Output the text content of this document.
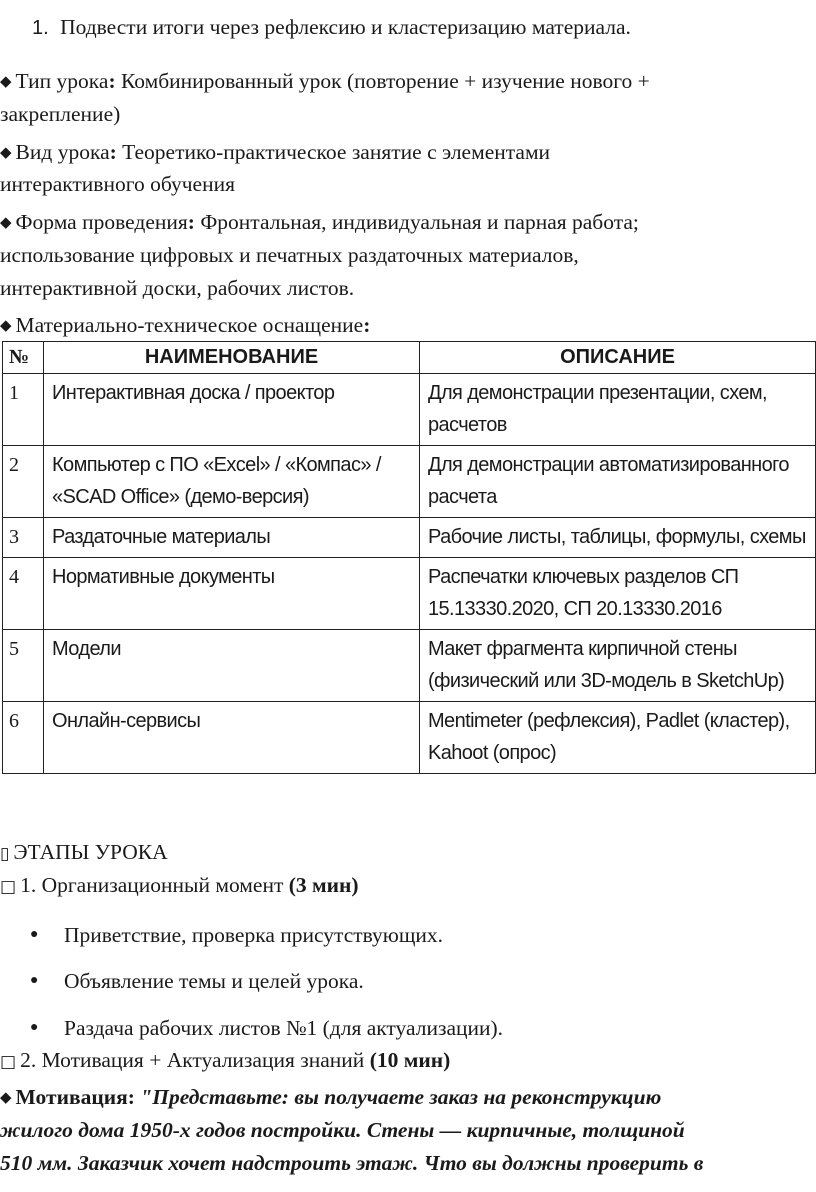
1. Подвести итоги через рефлексию и кластеризацию материала.
◆ Тип урока: Комбинированный урок (повторение + изучение нового +
закрепление)
◆ Вид урока: Теоретико-практическое занятие с элементами
интерактивного обучения
◆ Форма проведения: Фронтальная, индивидуальная и парная работа;
использование цифровых и печатных раздаточных материалов,
интерактивной доски, рабочих листов.
◆ Материально-техническое оснащение:
№	НАИМЕНОВАНИЕ	ОПИСАНИЕ
1	Интерактивная доска / проектор	Для демонстрации презентации, схем, расчетов
2	Компьютер с ПО «Excel» / «Компас» / «SCAD Office» (демо-версия)	Для демонстрации автоматизированного расчета
3	Раздаточные материалы	Рабочие листы, таблицы, формулы, схемы
4	Нормативные документы	Распечатки ключевых разделов СП 15.13330.2020, СП 20.13330.2016
5	Модели	Макет фрагмента кирпичной стены (физический или 3D-модель в SketchUp)
6	Онлайн-сервисы	Mentimeter (рефлексия), Padlet (кластер), Kahoot (опрос)
▯ ЭТАПЫ УРОКА
□ 1. Организационный момент (3 мин)
● Приветствие, проверка присутствующих.
● Объявление темы и целей урока.
● Раздача рабочих листов №1 (для актуализации).
□ 2. Мотивация + Актуализация знаний (10 мин)
◆ Мотивация: "Представьте: вы получаете заказ на реконструкцию
жилого дома 1950-х годов постройки. Стены — кирпичные, толщиной
510 мм. Заказчик хочет надстроить этаж. Что вы должны проверить в
